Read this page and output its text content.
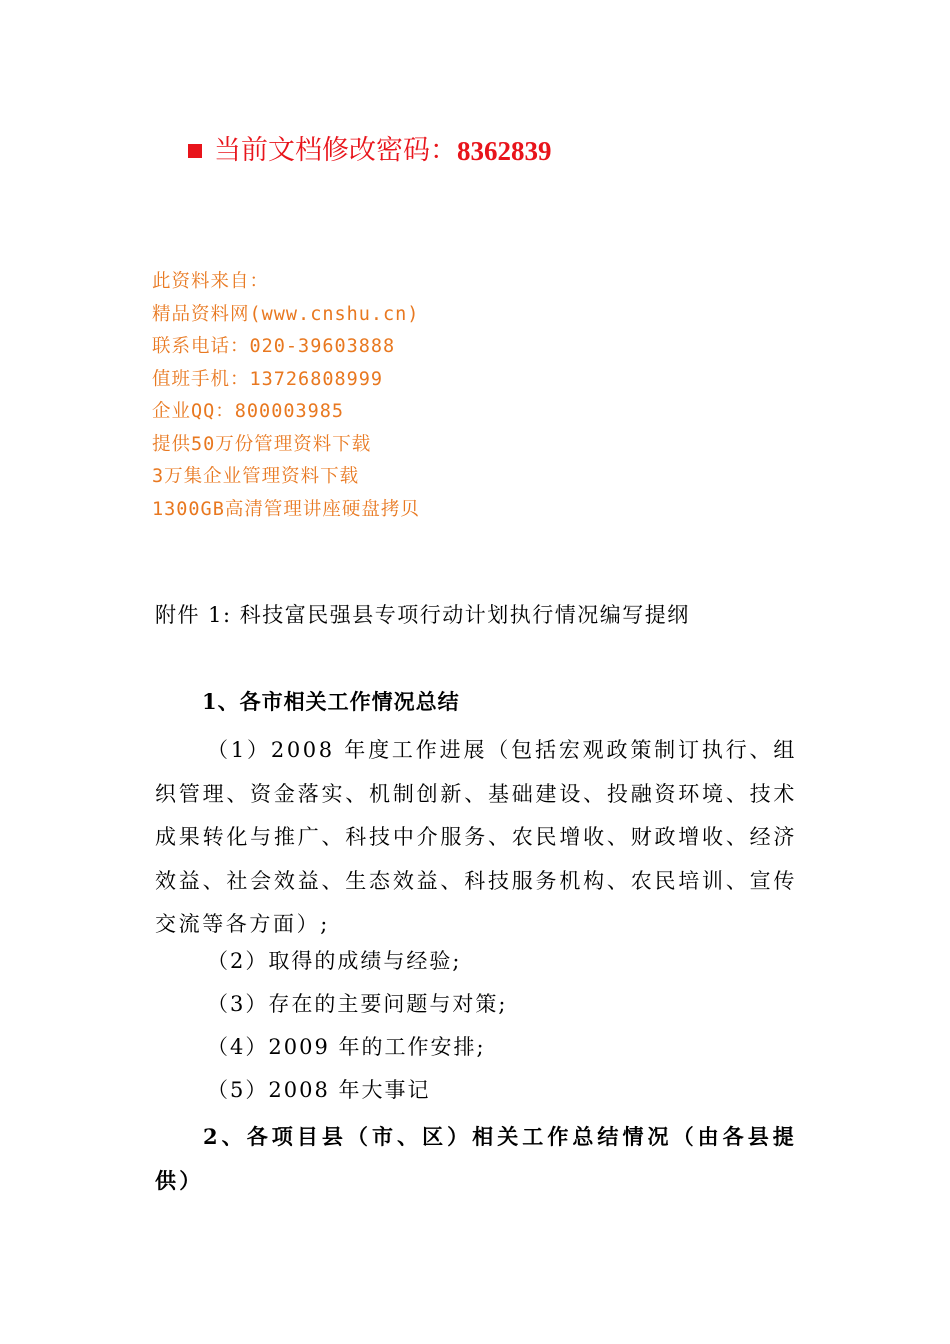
当前文档修改密码： 8362839
此资料来自：
精品资料网(www.cnshu.cn)
联系电话：020-39603888
值班手机：13726808999
企业QQ：800003985
提供50万份管理资料下载
3万集企业管理资料下载
1300GB高清管理讲座硬盘拷贝
附件 1: 科技富民强县专项行动计划执行情况编写提纲
1、各市相关工作情况总结
（1）2008 年度工作进展（包括宏观政策制订执行、组织管理、资金落实、机制创新、基础建设、投融资环境、技术成果转化与推广、科技中介服务、农民增收、财政增收、经济效益、社会效益、生态效益、科技服务机构、农民培训、宣传交流等各方面）;
（2）取得的成绩与经验;
（3）存在的主要问题与对策;
（4）2009 年的工作安排;
（5）2008 年大事记
2、各项目县（市、区）相关工作总结情况（由各县提供）
